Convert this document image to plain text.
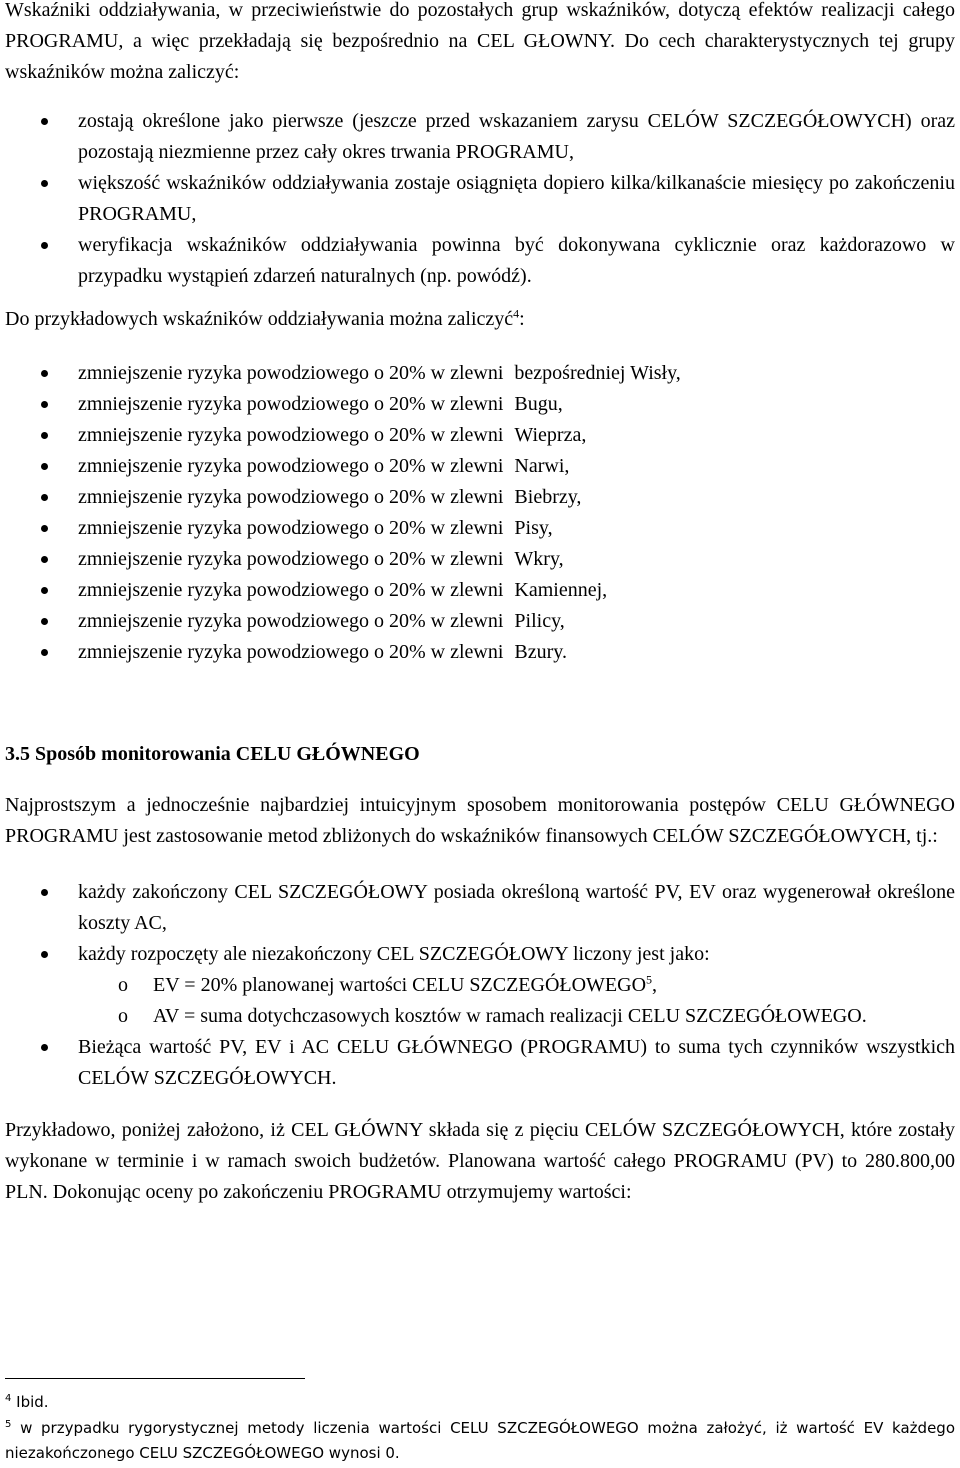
Wskaźniki oddziaływania, w przeciwieństwie do pozostałych grup wskaźników, dotyczą efektów realizacji całego PROGRAMU, a więc przekładają się bezpośrednio na CEL GŁOWNY. Do cech charakterystycznych tej grupy wskaźników można zaliczyć:

zostają określone jako pierwsze (jeszcze przed wskazaniem zarysu CELÓW SZCZEGÓŁOWYCH) oraz pozostają niezmienne przez cały okres trwania PROGRAMU,
większość wskaźników oddziaływania zostaje osiągnięta dopiero kilka/kilkanaście miesięcy po zakończeniu PROGRAMU,
weryfikacja wskaźników oddziaływania powinna być dokonywana cyklicznie oraz każdorazowo w przypadku wystąpień zdarzeń naturalnych (np. powódź).

Do przykładowych wskaźników oddziaływania można zaliczyć$^4$:

zmniejszenie ryzyka powodziowego o 20% w zlewni bezpośredniej Wisły,
zmniejszenie ryzyka powodziowego o 20% w zlewni Bugu,
zmniejszenie ryzyka powodziowego o 20% w zlewni Wieprza,
zmniejszenie ryzyka powodziowego o 20% w zlewni Narwi,
zmniejszenie ryzyka powodziowego o 20% w zlewni Biebrzy,
zmniejszenie ryzyka powodziowego o 20% w zlewni Pisy,
zmniejszenie ryzyka powodziowego o 20% w zlewni Wkry,
zmniejszenie ryzyka powodziowego o 20% w zlewni Kamiennej,
zmniejszenie ryzyka powodziowego o 20% w zlewni Pilicy,
zmniejszenie ryzyka powodziowego o 20% w zlewni Bzury.
3.5 Sposób monitorowania CELU GŁÓWNEGO

Najprostszym a jednocześnie najbardziej intuicyjnym sposobem monitorowania postępów CELU GŁÓWNEGO PROGRAMU jest zastosowanie metod zbliżonych do wskaźników finansowych CELÓW SZCZEGÓŁOWYCH, tj.:

każdy zakończony CEL SZCZEGÓŁOWY posiada określoną wartość PV, EV oraz wygenerował określone koszty AC,
każdy rozpoczęty ale niezakończony CEL SZCZEGÓŁOWY liczony jest jako:
o EV = 20% planowanej wartości CELU SZCZEGÓŁOWEGO$^5$,
o AV = suma dotychczasowych kosztów w ramach realizacji CELU SZCZEGÓŁOWEGO.
Bieżąca wartość PV, EV i AC CELU GŁÓWNEGO (PROGRAMU) to suma tych czynników wszystkich CELÓW SZCZEGÓŁOWYCH.

Przykładowo, poniżej założono, iż CEL GŁÓWNY składa się z pięciu CELÓW SZCZEGÓŁOWYCH, które zostały wykonane w terminie i w ramach swoich budżetów. Planowana wartość całego PROGRAMU (PV) to 280.800,00 PLN. Dokonując oceny po zakończeniu PROGRAMU otrzymujemy wartości:

$^4$ Ibid.
$^5$ w przypadku rygorystycznej metody liczenia wartości CELU SZCZEGÓŁOWEGO można założyć, iż wartość EV każdego niezakończonego CELU SZCZEGÓŁOWEGO wynosi 0.
